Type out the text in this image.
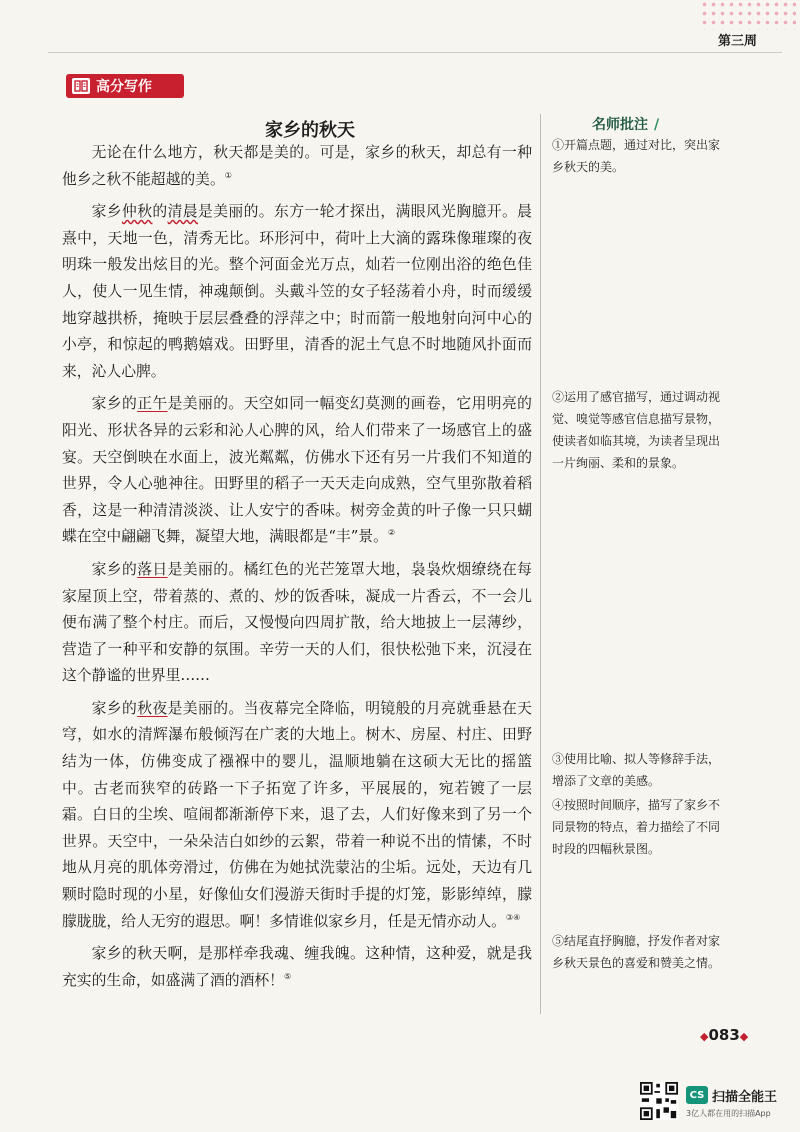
第三周
高分写作
家乡的秋天

无论在什么地方，秋天都是美的。可是，家乡的秋天，却总有一种他乡之秋不能超越的美。①

家乡仲秋的清晨是美丽的。东方一轮才探出，满眼风光胸臆开。晨熹中，天地一色，清秀无比。环形河中，荷叶上大滴的露珠像璀璨的夜明珠一般发出炫目的光。整个河面金光万点，灿若一位刚出浴的绝色佳人，使人一见生情，神魂颠倒。头戴斗笠的女子轻荡着小舟，时而缓缓地穿越拱桥，掩映于层层叠叠的浮萍之中；时而箭一般地射向河中心的小亭，和惊起的鸭鹅嬉戏。田野里，清香的泥土气息不时地随风扑面而来，沁人心脾。

家乡的正午是美丽的。天空如同一幅变幻莫测的画卷，它用明亮的阳光、形状各异的云彩和沁人心脾的风，给人们带来了一场感官上的盛宴。天空倒映在水面上，波光粼粼，仿佛水下还有另一片我们不知道的世界，令人心驰神往。田野里的稻子一天天走向成熟，空气里弥散着稻香，这是一种清清淡淡、让人安宁的香味。树旁金黄的叶子像一只只蝴蝶在空中翩翩飞舞，凝望大地，满眼都是“丰”景。②

家乡的落日是美丽的。橘红色的光芒笼罩大地，袅袅炊烟缭绕在每家屋顶上空，带着蒸的、煮的、炒的饭香味，凝成一片香云，不一会儿便布满了整个村庄。而后，又慢慢向四周扩散，给大地披上一层薄纱，营造了一种平和安静的氛围。辛劳一天的人们，很快松弛下来，沉浸在这个静谧的世界里……

家乡的秋夜是美丽的。当夜幕完全降临，明镜般的月亮就垂悬在天穹，如水的清辉瀑布般倾泻在广袤的大地上。树木、房屋、村庄、田野结为一体，仿佛变成了襁褓中的婴儿，温顺地躺在这硕大无比的摇篮中。古老而狭窄的砖路一下子拓宽了许多，平展展的，宛若镀了一层霜。白日的尘埃、喧闹都渐渐停下来，退了去，人们好像来到了另一个世界。天空中，一朵朵洁白如纱的云絮，带着一种说不出的情愫，不时地从月亮的肌体旁滑过，仿佛在为她拭洗蒙沾的尘垢。远处，天边有几颗时隐时现的小星，好像仙女们漫游天街时手提的灯笼，影影绰绰，朦朦胧胧，给人无穷的遐思。啊！多情谁似家乡月，任是无情亦动人。③④

家乡的秋天啊，是那样牵我魂、缠我魄。这种情，这种爱，就是我充实的生命，如盛满了酒的酒杯！⑤

名师批注 /
①开篇点题，通过对比，突出家乡秋天的美。
②运用了感官描写，通过调动视觉、嗅觉等感官信息描写景物，使读者如临其境，为读者呈现出一片绚丽、柔和的景象。
③使用比喻、拟人等修辞手法，增添了文章的美感。
④按照时间顺序，描写了家乡不同景物的特点，着力描绘了不同时段的四幅秋景图。
⑤结尾直抒胸臆，抒发作者对家乡秋天景色的喜爱和赞美之情。
◆083◆
CS 扫描全能王
3亿人都在用的扫描App
